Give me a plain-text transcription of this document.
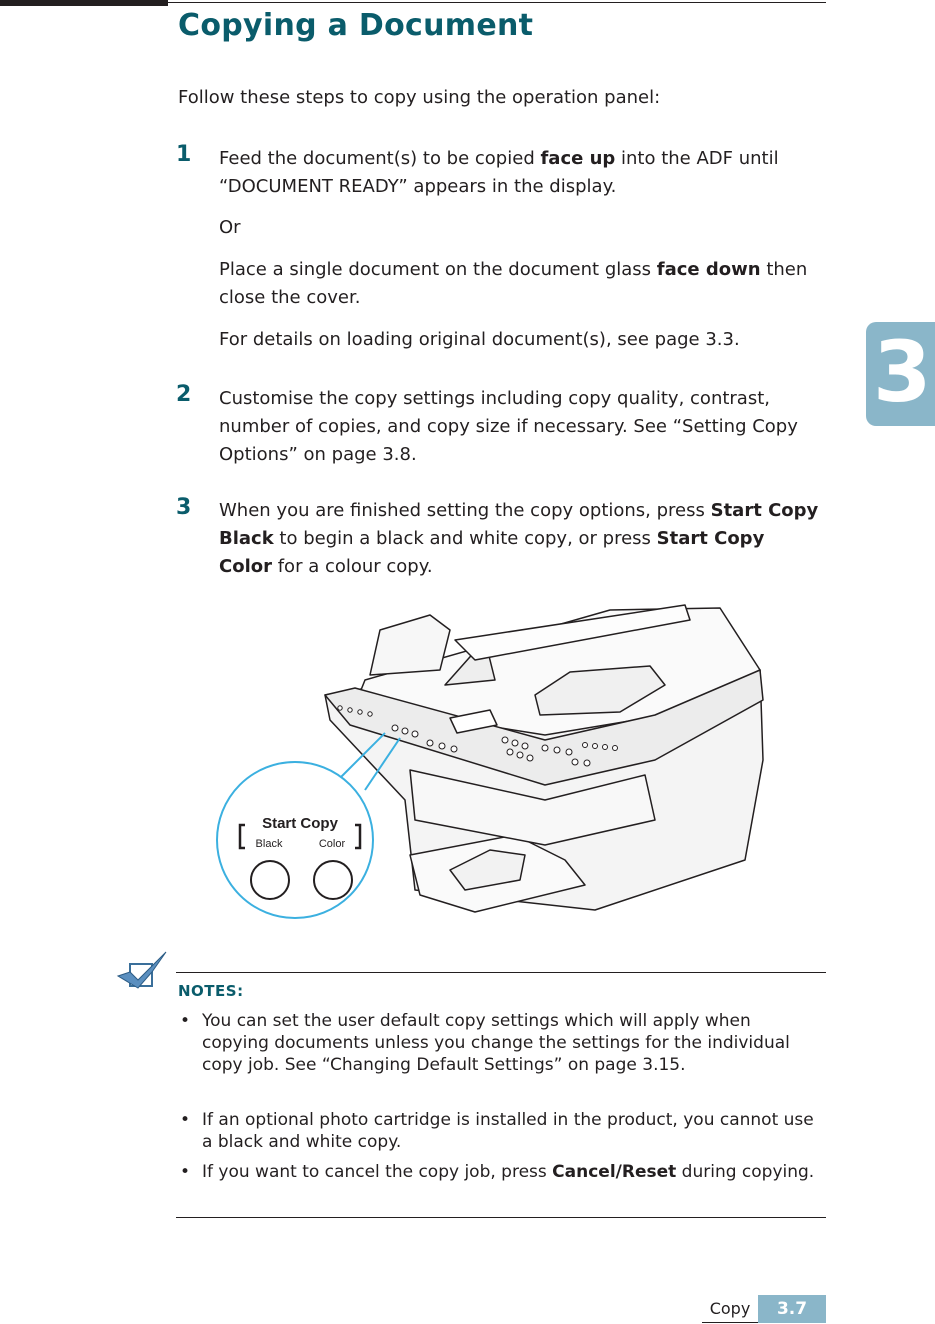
Copying a Document
Follow these steps to copy using the operation panel:
1 Feed the document(s) to be copied face up into the ADF until “DOCUMENT READY” appears in the display.
Or
Place a single document on the document glass face down then close the cover.
For details on loading original document(s), see page 3.3.
2 Customise the copy settings including copy quality, contrast, number of copies, and copy size if necessary. See “Setting Copy Options” on page 3.8.
3 When you are finished setting the copy options, press Start Copy Black to begin a black and white copy, or press Start Copy Color for a colour copy.
3
Start Copy
Black	Color
NOTES:
• You can set the user default copy settings which will apply when copying documents unless you change the settings for the individual copy job. See “Changing Default Settings” on page 3.15.
• If an optional photo cartridge is installed in the product, you cannot use a black and white copy.
• If you want to cancel the copy job, press Cancel/Reset during copying.
Copy	3.7
